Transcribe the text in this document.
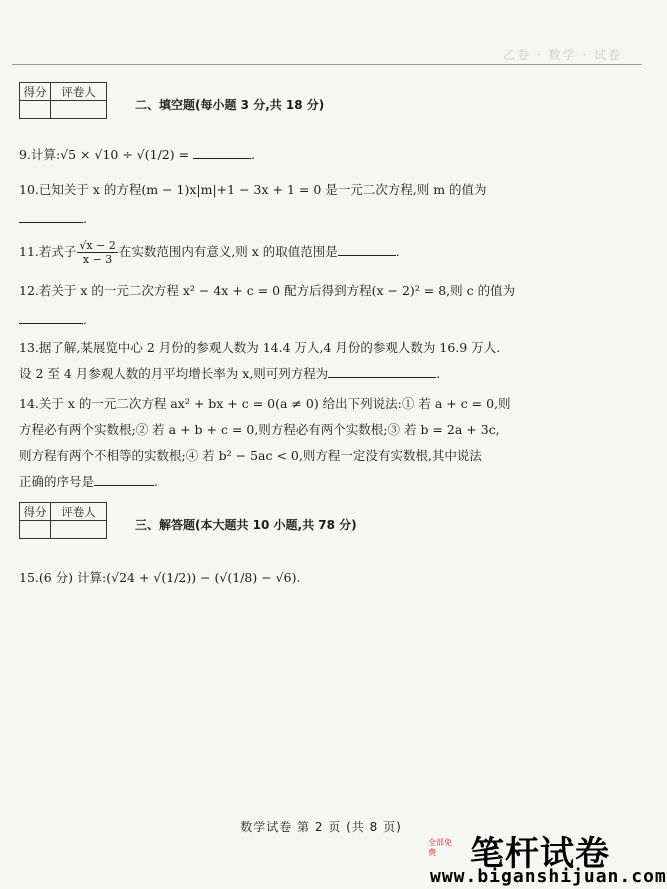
乙卷 · 数学 · 试卷
得分	评卷人

二、填空题(每小题 3 分,共 18 分)
9.计算:√5 × √10 ÷ √(1/2) =	.
10.已知关于 x 的方程(m − 1)x|m|+1 − 3x + 1 = 0 是一元二次方程,则 m 的值为
.
11.若式子 $\frac{√x - 2}{x - 3}$ 在实数范围内有意义,则 x 的取值范围是	.
12.若关于 x 的一元二次方程 x² − 4x + c = 0 配方后得到方程(x − 2)² = 8,则 c 的值为
.
13.据了解,某展览中心 2 月份的参观人数为 14.4 万人,4 月份的参观人数为 16.9 万人.
设 2 至 4 月参观人数的月平均增长率为 x,则可列方程为	.
14.关于 x 的一元二次方程 ax² + bx + c = 0(a ≠ 0) 给出下列说法:① 若 a + c = 0,则
方程必有两个实数根;② 若 a + b + c = 0,则方程必有两个实数根;③ 若 b = 2a + 3c,
则方程有两个不相等的实数根;④ 若 b² − 5ac < 0,则方程一定没有实数根,其中说法
正确的序号是	.
得分	评卷人

三、解答题(本大题共 10 小题,共 78 分)
15.(6 分) 计算:(√24 + √(1/2)) − (√(1/8) − √6).
数学试卷 第 2 页 (共 8 页)
全部免费	笔杆试卷
www.biganshijuan.com
